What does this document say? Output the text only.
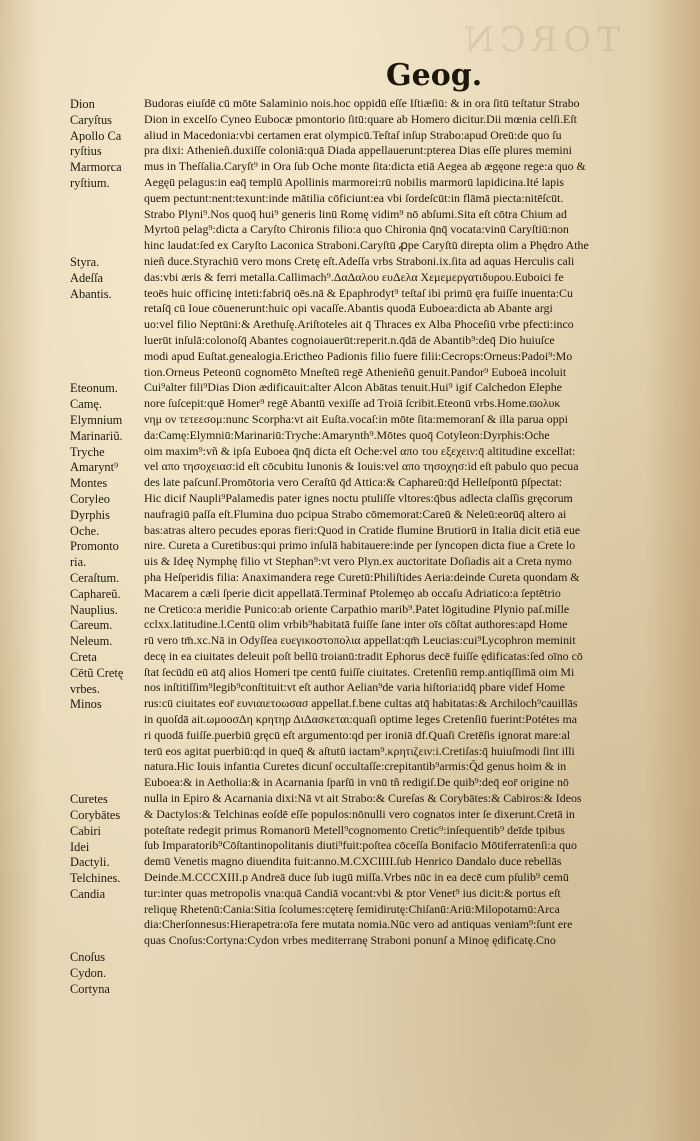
TORCN
Geog.
Dion
Caryſtus
Apollo Ca
ryſtius
Marmorca
ryſtium.
Styra.
Adeſſa
Abantis.
Eteonum.
Camę.
Elymnium
Marinariũ.
Tryche
Amarynt⁹
Montes
Coryleo
Dyrphis
Oche.
Promonto
ria.
Ceraſtum.
Caphareũ.
Nauplius.
Careum.
Neleum.
Creta
Cētũ Cretę
vrbes.
Minos
Curetes
Corybātes
Cabiri
Idei
Dactyli.
Telchines.
Candia
Cnoſus
Cydon.
Cortyna
Budoras eiuſdē cū mōte Salaminio nois.hoc oppidū eſſe Iſtiæſiū: & in ora ſitū teſtatur Strabo
Dion in excelſo Cyneo Eubocæ pmontorio ſitū:quare ab Homero dicitur.Dii mœnia celſi.Eſt
aliud in Macedonia:vbi certamen erat olympicū.Teſtaſ inſup Strabo:apud Oreū:de quo ſu
pra dixi: Athenieñ.duxiſſe coloniā:quā Diada appellauerunt:pterea Dias eſſe plures memini
mus in Theſſalia.Caryſt⁹ in Ora ſub Oche monte ſita:dicta etiā Aegea ab ægęone rege:a quo &
Aegęū pelagus:in eaq̄ templū Apollinis marmorei:rū nobilis marmorū lapidicina.Ité lapis
quem pectunt:nent:texunt:inde mātilia cōficiunt:ea vbi ſordeſcūt:in flāmā piecta:nitēſcūt.
Strabo Plyni⁹.Nos quoq̄ hui⁹ generis linū Romę vidim⁹ nō abſumi.Sita eſt cōtra Chium ad
Myrtoū pelag⁹:dicta a Caryſto Chironis filio:a quo Chironia q̄nq̄ vocata:vinū Caryſtiū:non
hinc laudat:ſed ex Caryſto Laconica Straboni.Caryſtū ꝓpe Caryſtū direpta olim a Phędro Athe
nieñ duce.Styrachiū vero mons Cretę eſt.Adeſſa vrbs Straboni.ix.ſita ad aquas Herculis cali
das:vbi æris & ferri metalla.Callimach⁹.ΔαΔαλου ευΔελα Χεμεμεργατιδυρου.Euboici fe
teoēs huic officinę inteti:fabriq̄ oēs.nā & Epaphrodyt⁹ teſtaſ ibi primū ęra fuiſſe inuenta:Cu
retaſq̄ cū Ioue cōuenerunt:huic opi vacaſſe.Abantis quodā Euboea:dicta ab Abante argi
uo:vel filio Neptūni:& Arethuſę.Ariſtoteles ait q̄ Thraces ex Alba Phoceſiū vrbe pfecti:inco
luerūt inſulā:colonoſq̄ Abantes cognoiauerūt:reperit.n.q̄dā de Abantib⁹:deq̄ Dio huiuſce
modi apud Euſtat.genealogia.Erictheo Padionis filio fuere filii:Cecrops:Orneus:Padoi⁹:Mo
tion.Orneus Peteonū cognomēto Mneſteū regē Athenieñū genuit.Pandor⁹ Euboeā incoluit
Cui⁹alter fili⁹Dias Dion ædificauit:alter Alcon Abātas tenuit.Hui⁹ igif Calchedon Elephe
nore ſuſcepit:quē Homer⁹ regē Abantū vexiſſe ad Troiā ſcribit.Eteonū vrbs.Home.ϖολυκ
νημ ον τετεεσομ:nunc Scorpha:vt ait Euſta.vocaſ:in mōte ſita:memoranſ & illa parua oppi
da:Camę:Elymniū:Marinariū:Tryche:Amarynth⁹.Mōtes quoq̄ Cotyleon:Dyrphis:Oche
oim maxim⁹:vñ & ipſa Euboea q̄nq̄ dicta eſt Oche:vel απο του εξεχειν:q̄ altitudine excellat:
vel απο τησοχειασ:id eſt cōcubitu Iunonis & Iouis:vel απο τησοχησ:id eſt pabulo quo pecua
des late paſcunſ.Promōtoria vero Ceraſtū q̄d Attica:& Caphareū:q̄d Helleſpontū p̄ſpectat:
Hic dicif Naupli⁹Palamedis pater ignes noctu ptuliſſe vltores:q̄bus adlecta claſſis gręcorum
naufragiū paſſa eſt.Flumina duo pcipua Strabo cōmemorat:Careū & Neleū:eorūq̄ altero ai
bas:atras altero pecudes eporas fieri:Quod in Cratide flumine Brutiorū in Italia dicit etiā eue
nire. Cureta a Curetibus:qui primo inſulā habitauere:inde per ſyncopen dicta fiue a Crete lo
uis & Ideę Nymphę filio vt Stephan⁹:vt vero Plyn.ex auctoritate Doſiadis ait a Creta nymo
pha Heſperidis filia: Anaximandera rege Curetū:Philiſtides Aeria:deinde Cureta quondam &
Macarem a cæli ſperie dicit appellatā.Terminaf Ptolemęo ab occaſu Adriatico:a ſeptētrio
ne Cretico:a meridie Punico:ab oriente Carpathio marib⁹.Patet lōgitudine Plynio paſ.mille
cclxx.latitudine.l.Centū olim vrbib⁹habitatā fuiſſe ſane inter oīs cōſtat authores:apd Home
rū vero tm̄.xc.Nā in Odyſſea ευεγικοστοπολια appellat:qm̄ Leucias:cui⁹Lycophron meminit
decę in ea ciuitates deleuit poſt bellū troianū:tradit Ephorus decē fuiſſe ędificatas:ſed oīno cō
ſtat ſecūdū eū atq̄ alios Homeri tpe centū fuiſſe ciuitates. Cretenſiū remp.antiqſſimā oim Mi
nos inſtitiſſim⁹legib⁹conſtituit:vt eſt author Aelian⁹de varia hiſtoria:idq̄ pbare videf Home
rus:cū ciuitates eor̄ ευνιαιετοωσασ appellat.f.bene cultas atq̄ habitatas:& Archiloch⁹cauillās
in quoſdā ait.ωμοοσΔη κρητηρ ΔιΔασκεται:quaſi optime leges Cretenſiū fuerint:Potétes ma
ri quodā fuiſſe.puerbiū gręcū eſt argumento:qd per ironiā df.Quaſi Cretēſis ignorat mare:al
terū eos agitat puerbiū:qd in queq̄ & aſtutū iactam⁹.κρητιζειν:i.Cretiſas:q̄ huiuſmodi ſint illi
natura.Hic Iouis infantia Curetes dicunſ occultaſſe:crepitantib⁹armis:Q̄d genus hoim & in
Euboea:& in Aetholia:& in Acarnania ſparſū in vnū tñ redigiſ.De quib⁹:deq̄ eor̄ origine nō
nulla in Epiro & Acarnania dixi:Nā vt ait Strabo:& Cureſas & Corybātes:& Cabiros:& Ideos
& Dactylos:& Telchinas eoſdē eſſe populos:nōnulli vero cognatos inter ſe dixerunt.Cretā in
poteſtate redegit primus Romanorū Metell⁹cognomento Cretic⁹:inſequentib⁹ deīde tpibus
ſub Imparatorib⁹Cōſtantinopolitanis diuti⁹fuit:poſtea cōceſſa Bonifacio Mōtiferratenſi:a quo
demū Venetis magno diuendita fuit:anno.M.CXCIIII.ſub Henrico Dandalo duce rebellās
Deinde.M.CCCXIII.p Andreā duce ſub iugū miſſa.Vrbes nūc in ea decē cum pſulib⁹ cemū
tur:inter quas metropolis vna:quā Candiā vocant:vbi & ptor Venet⁹ ius dicit:& portus eſt
reliquę Rhetenū:Cania:Sitia ſcolumes:cęterę ſemidirutę:Chiſanū:Ariū:Milopotamū:Arca
dia:Cherſonnesus:Hierapetra:oīa fere mutata nomia.Nūc vero ad antiquas veniam⁹:ſunt ere
quas Cnoſus:Cortyna:Cydon vrbes mediterranę Straboni ponunſ a Minoę ędificatę.Cno
